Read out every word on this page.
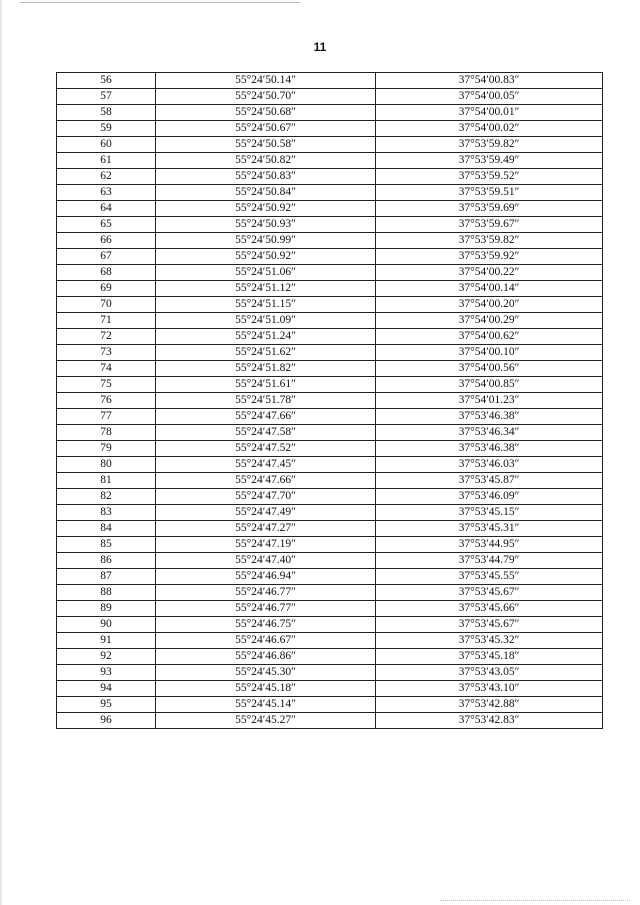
11
56	55°24′50.14″	37°54′00.83″
57	55°24′50.70″	37°54′00.05″
58	55°24′50.68″	37°54′00.01″
59	55°24′50.67″	37°54′00.02″
60	55°24′50.58″	37°53′59.82″
61	55°24′50.82″	37°53′59.49″
62	55°24′50.83″	37°53′59.52″
63	55°24′50.84″	37°53′59.51″
64	55°24′50.92″	37°53′59.69″
65	55°24′50.93″	37°53′59.67″
66	55°24′50.99″	37°53′59.82″
67	55°24′50.92″	37°53′59.92″
68	55°24′51.06″	37°54′00.22″
69	55°24′51.12″	37°54′00.14″
70	55°24′51.15″	37°54′00.20″
71	55°24′51.09″	37°54′00.29″
72	55°24′51.24″	37°54′00.62″
73	55°24′51.62″	37°54′00.10″
74	55°24′51.82″	37°54′00.56″
75	55°24′51.61″	37°54′00.85″
76	55°24′51.78″	37°54′01.23″
77	55°24′47.66″	37°53′46.38″
78	55°24′47.58″	37°53′46.34″
79	55°24′47.52″	37°53′46.38″
80	55°24′47.45″	37°53′46.03″
81	55°24′47.66″	37°53′45.87″
82	55°24′47.70″	37°53′46.09″
83	55°24′47.49″	37°53′45.15″
84	55°24′47.27″	37°53′45.31″
85	55°24′47.19″	37°53′44.95″
86	55°24′47.40″	37°53′44.79″
87	55°24′46.94″	37°53′45.55″
88	55°24′46.77″	37°53′45.67″
89	55°24′46.77″	37°53′45.66″
90	55°24′46.75″	37°53′45.67″
91	55°24′46.67″	37°53′45.32″
92	55°24′46.86″	37°53′45.18″
93	55°24′45.30″	37°53′43.05″
94	55°24′45.18″	37°53′43.10″
95	55°24′45.14″	37°53′42.88″
96	55°24′45.27″	37°53′42.83″
